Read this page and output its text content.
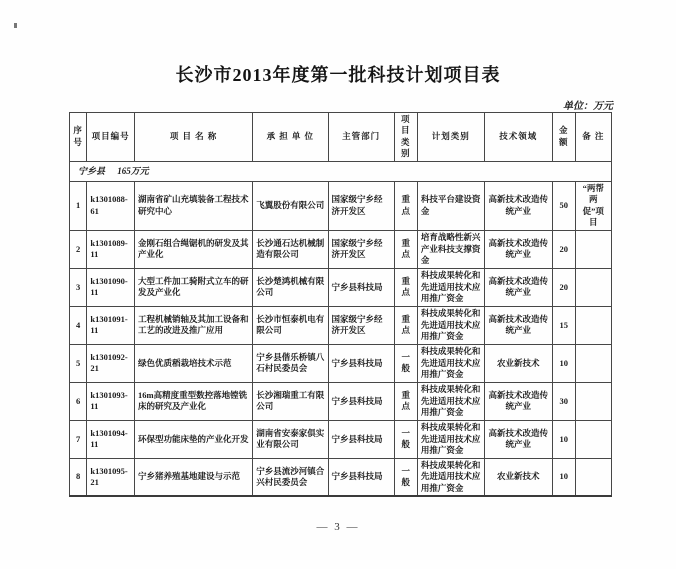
长沙市2013年度第一批科技计划项目表
单位：万元
序号	项目编号	项 目 名 称	承 担 单 位	主管部门	项目类别	计划类别	技术领域	金额	备 注
宁乡县 165万元									
1	k1301088-61	湖南省矿山充填装备工程技术研究中心	飞翼股份有限公司	国家级宁乡经济开发区	重点	科技平台建设资金	高新技术改造传统产业	50	“两帮两促”项目
2	k1301089-11	金刚石组合绳锯机的研发及其产业化	长沙通石达机械制造有限公司	国家级宁乡经济开发区	重点	培育战略性新兴产业科技支撑资金	高新技术改造传统产业	20	
3	k1301090-11	大型工件加工骑附式立车的研发及产业化	长沙楚鸿机械有限公司	宁乡县科技局	重点	科技成果转化和先进适用技术应用推广资金	高新技术改造传统产业	20	
4	k1301091-11	工程机械销轴及其加工设备和工艺的改进及推广应用	长沙市恒泰机电有限公司	国家级宁乡经济开发区	重点	科技成果转化和先进适用技术应用推广资金	高新技术改造传统产业	15	
5	k1301092-21	绿色优质稻栽培技术示范	宁乡县偕乐桥镇八石村民委员会	宁乡县科技局	一般	科技成果转化和先进适用技术应用推广资金	农业新技术	10	
6	k1301093-11	16m高精度重型数控落地镗铣床的研究及产业化	长沙湘瑞重工有限公司	宁乡县科技局	重点	科技成果转化和先进适用技术应用推广资金	高新技术改造传统产业	30	
7	k1301094-11	环保型功能床垫的产业化开发	湖南省安泰家俱实业有限公司	宁乡县科技局	一般	科技成果转化和先进适用技术应用推广资金	高新技术改造传统产业	10	
8	k1301095-21	宁乡猪养殖基地建设与示范	宁乡县流沙河镇合兴村民委员会	宁乡县科技局	一般	科技成果转化和先进适用技术应用推广资金	农业新技术	10	
— 3 —
